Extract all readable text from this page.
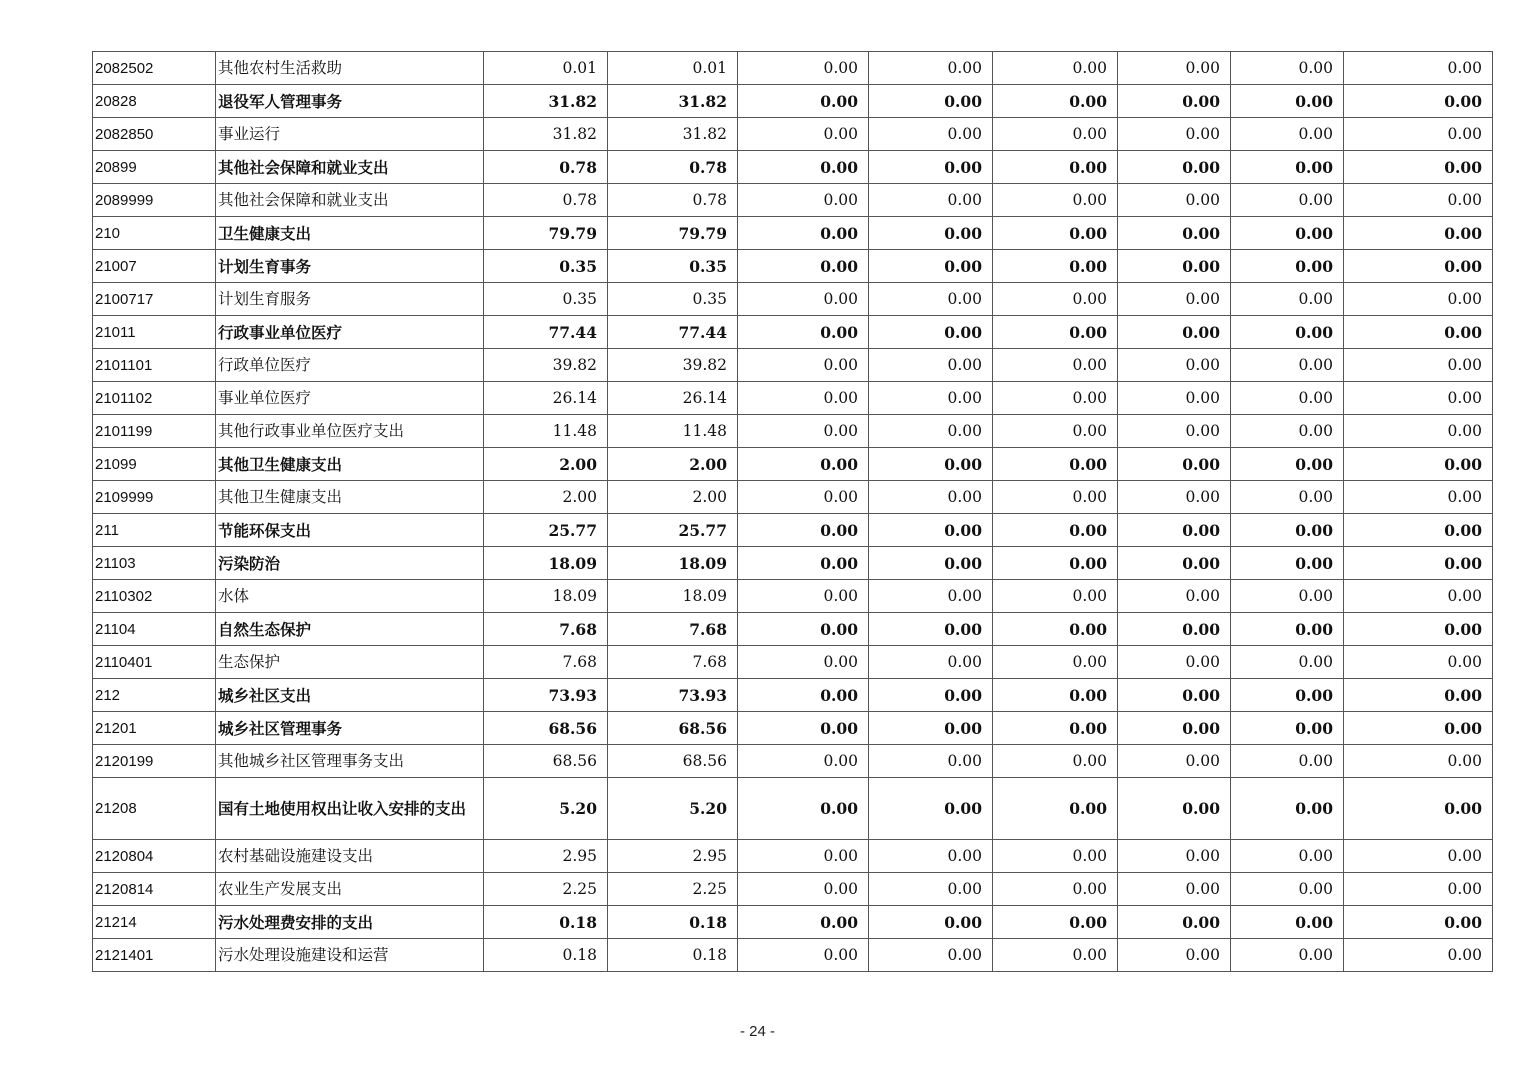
2082502	其他农村生活救助	0.01	0.01	0.00	0.00	0.00	0.00	0.00	0.00
20828	退役军人管理事务	31.82	31.82	0.00	0.00	0.00	0.00	0.00	0.00
2082850	事业运行	31.82	31.82	0.00	0.00	0.00	0.00	0.00	0.00
20899	其他社会保障和就业支出	0.78	0.78	0.00	0.00	0.00	0.00	0.00	0.00
2089999	其他社会保障和就业支出	0.78	0.78	0.00	0.00	0.00	0.00	0.00	0.00
210	卫生健康支出	79.79	79.79	0.00	0.00	0.00	0.00	0.00	0.00
21007	计划生育事务	0.35	0.35	0.00	0.00	0.00	0.00	0.00	0.00
2100717	计划生育服务	0.35	0.35	0.00	0.00	0.00	0.00	0.00	0.00
21011	行政事业单位医疗	77.44	77.44	0.00	0.00	0.00	0.00	0.00	0.00
2101101	行政单位医疗	39.82	39.82	0.00	0.00	0.00	0.00	0.00	0.00
2101102	事业单位医疗	26.14	26.14	0.00	0.00	0.00	0.00	0.00	0.00
2101199	其他行政事业单位医疗支出	11.48	11.48	0.00	0.00	0.00	0.00	0.00	0.00
21099	其他卫生健康支出	2.00	2.00	0.00	0.00	0.00	0.00	0.00	0.00
2109999	其他卫生健康支出	2.00	2.00	0.00	0.00	0.00	0.00	0.00	0.00
211	节能环保支出	25.77	25.77	0.00	0.00	0.00	0.00	0.00	0.00
21103	污染防治	18.09	18.09	0.00	0.00	0.00	0.00	0.00	0.00
2110302	水体	18.09	18.09	0.00	0.00	0.00	0.00	0.00	0.00
21104	自然生态保护	7.68	7.68	0.00	0.00	0.00	0.00	0.00	0.00
2110401	生态保护	7.68	7.68	0.00	0.00	0.00	0.00	0.00	0.00
212	城乡社区支出	73.93	73.93	0.00	0.00	0.00	0.00	0.00	0.00
21201	城乡社区管理事务	68.56	68.56	0.00	0.00	0.00	0.00	0.00	0.00
2120199	其他城乡社区管理事务支出	68.56	68.56	0.00	0.00	0.00	0.00	0.00	0.00
21208	国有土地使用权出让收入安排的支出	5.20	5.20	0.00	0.00	0.00	0.00	0.00	0.00
2120804	农村基础设施建设支出	2.95	2.95	0.00	0.00	0.00	0.00	0.00	0.00
2120814	农业生产发展支出	2.25	2.25	0.00	0.00	0.00	0.00	0.00	0.00
21214	污水处理费安排的支出	0.18	0.18	0.00	0.00	0.00	0.00	0.00	0.00
2121401	污水处理设施建设和运营	0.18	0.18	0.00	0.00	0.00	0.00	0.00	0.00
- 24 -
